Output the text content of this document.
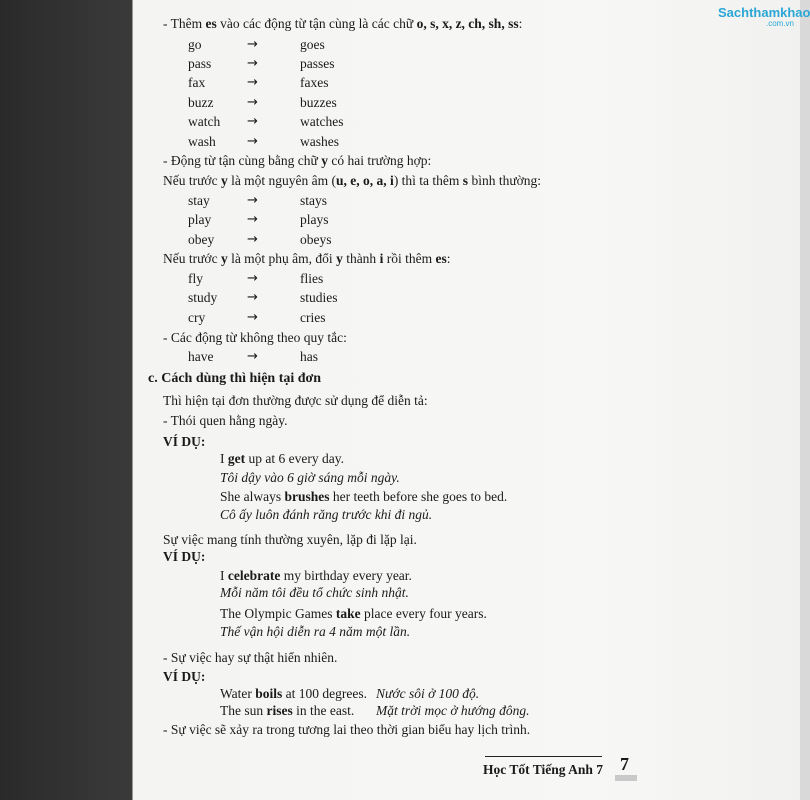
Sachthamkhao
.com.vn
- Thêm es vào các động từ tận cùng là các chữ o, s, x, z, ch, sh, ss:
go	→	goes
pass	→	passes
fax	→	faxes
buzz	→	buzzes
watch →	watches
wash →	washes
- Động từ tận cùng bằng chữ y có hai trường hợp:
Nếu trước y là một nguyên âm (u, e, o, a, i) thì ta thêm s bình thường:
stay	→	stays
play	→	plays
obey	→	obeys
Nếu trước y là một phụ âm, đổi y thành i rồi thêm es:
fly	→	flies
study →	studies
cry	→	cries
- Các động từ không theo quy tắc:
have	→	has
c. Cách dùng thì hiện tại đơn
Thì hiện tại đơn thường được sử dụng để diễn tả:
- Thói quen hằng ngày.
VÍ DỤ:
I get up at 6 every day.
Tôi dậy vào 6 giờ sáng mỗi ngày.
She always brushes her teeth before she goes to bed.
Cô ấy luôn đánh răng trước khi đi ngủ.
Sự việc mang tính thường xuyên, lặp đi lặp lại.
VÍ DỤ:
I celebrate my birthday every year.
Mỗi năm tôi đều tổ chức sinh nhật.
The Olympic Games take place every four years.
Thế vận hội diễn ra 4 năm một lần.
- Sự việc hay sự thật hiển nhiên.
VÍ DỤ:
Water boils at 100 degrees. Nước sôi ở 100 độ.
The sun rises in the east. Mặt trời mọc ở hướng đông.
- Sự việc sẽ xảy ra trong tương lai theo thời gian biểu hay lịch trình.
Học Tốt Tiếng Anh 7 7
